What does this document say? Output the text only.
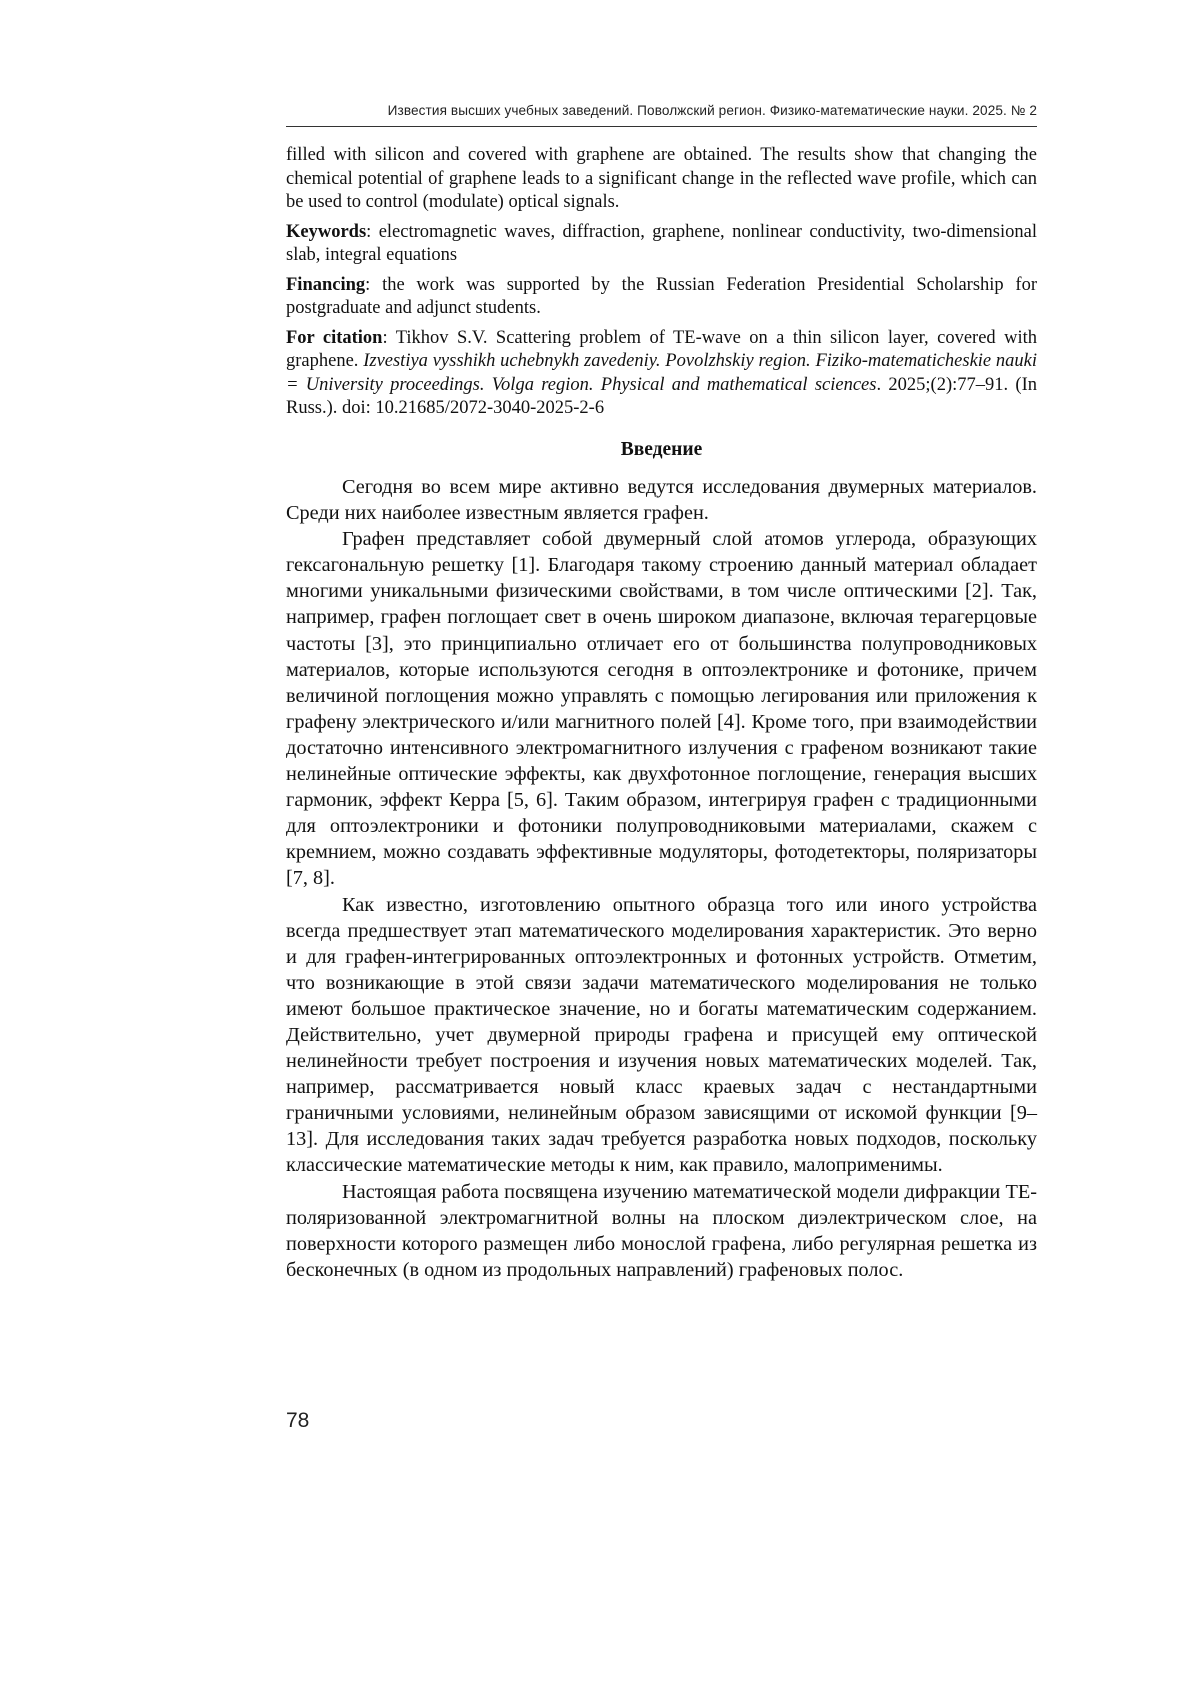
Известия высших учебных заведений. Поволжский регион. Физико-математические науки. 2025. № 2

filled with silicon and covered with graphene are obtained. The results show that changing the chemical potential of graphene leads to a significant change in the reflected wave profile, which can be used to control (modulate) optical signals.

Keywords: electromagnetic waves, diffraction, graphene, nonlinear conductivity, two-dimensional slab, integral equations

Financing: the work was supported by the Russian Federation Presidential Scholarship for postgraduate and adjunct students.

For citation: Tikhov S.V. Scattering problem of TE-wave on a thin silicon layer, covered with graphene. Izvestiya vysshikh uchebnykh zavedeniy. Povolzhskiy region. Fiziko-matematicheskie nauki = University proceedings. Volga region. Physical and mathematical sciences. 2025;(2):77–91. (In Russ.). doi: 10.21685/2072-3040-2025-2-6

Введение

Сегодня во всем мире активно ведутся исследования двумерных материалов. Среди них наиболее известным является графен.

Графен представляет собой двумерный слой атомов углерода, образующих гексагональную решетку [1]. Благодаря такому строению данный материал обладает многими уникальными физическими свойствами, в том числе оптическими [2]. Так, например, графен поглощает свет в очень широком диапазоне, включая терагерцовые частоты [3], это принципиально отличает его от большинства полупроводниковых материалов, которые используются сегодня в оптоэлектронике и фотонике, причем величиной поглощения можно управлять с помощью легирования или приложения к графену электрического и/или магнитного полей [4]. Кроме того, при взаимодействии достаточно интенсивного электромагнитного излучения с графеном возникают такие нелинейные оптические эффекты, как двухфотонное поглощение, генерация высших гармоник, эффект Керра [5, 6]. Таким образом, интегрируя графен с традиционными для оптоэлектроники и фотоники полупроводниковыми материалами, скажем с кремнием, можно создавать эффективные модуляторы, фотодетекторы, поляризаторы [7, 8].

Как известно, изготовлению опытного образца того или иного устройства всегда предшествует этап математического моделирования характеристик. Это верно и для графен-интегрированных оптоэлектронных и фотонных устройств. Отметим, что возникающие в этой связи задачи математического моделирования не только имеют большое практическое значение, но и богаты математическим содержанием. Действительно, учет двумерной природы графена и присущей ему оптической нелинейности требует построения и изучения новых математических моделей. Так, например, рассматривается новый класс краевых задач с нестандартными граничными условиями, нелинейным образом зависящими от искомой функции [9–13]. Для исследования таких задач требуется разработка новых подходов, поскольку классические математические методы к ним, как правило, малоприменимы.

Настоящая работа посвящена изучению математической модели дифракции ТЕ-поляризованной электромагнитной волны на плоском диэлектрическом слое, на поверхности которого размещен либо монослой графена, либо регулярная решетка из бесконечных (в одном из продольных направлений) графеновых полос.

78
